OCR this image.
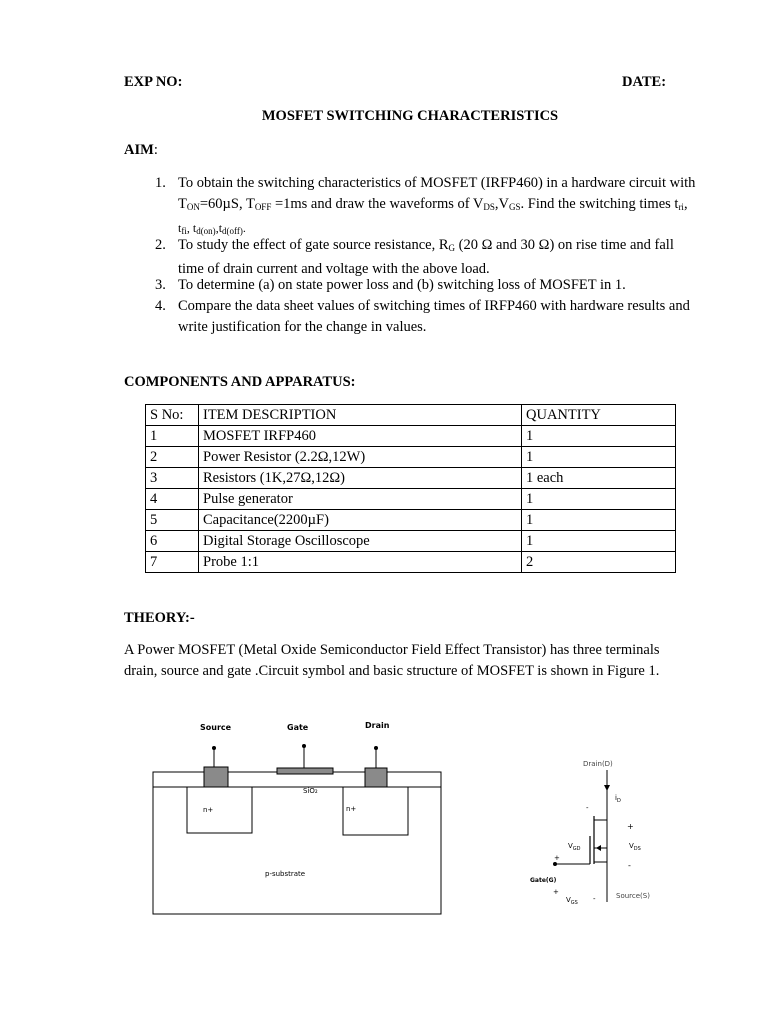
EXP NO:	DATE:
MOSFET SWITCHING CHARACTERISTICS
AIM:
1. To obtain the switching characteristics of MOSFET (IRFP460) in a hardware circuit with
$T_{ON}=60\mu S$, $T_{OFF} =1ms$ and draw the waveforms of $V_{DS},V_{GS}$. Find the switching times $t_{ri}$,
$t_{fi}$, $t_{d(on)},t_{d(off)}$.
2. To study the effect of gate source resistance, $R_G$ (20 Ω and 30 Ω) on rise time and fall
time of drain current and voltage with the above load.
3. To determine (a) on state power loss and (b) switching loss of MOSFET in 1.
4. Compare the data sheet values of switching times of IRFP460 with hardware results and
write justification for the change in values.
COMPONENTS AND APPARATUS:
S No:	ITEM DESCRIPTION	QUANTITY
1	MOSFET IRFP460	1
2	Power Resistor (2.2Ω,12W)	1
3	Resistors (1K,27Ω,12Ω)	1 each
4	Pulse generator	1
5	Capacitance(2200µF)	1
6	Digital Storage Oscilloscope	1
7	Probe 1:1	2
THEORY:-
A Power MOSFET (Metal Oxide Semiconductor Field Effect Transistor) has three terminals
drain, source and gate .Circuit symbol and basic structure of MOSFET is shown in Figure 1.
Source	Gate	Drain
n+	n+
SiO₂
p-substrate
Drain(D)
$i_D$
-
$V_{GD}$
+
+
$V_{DS}$
-
Gate(G)
Source(S)
+
$V_{GS}$ -
